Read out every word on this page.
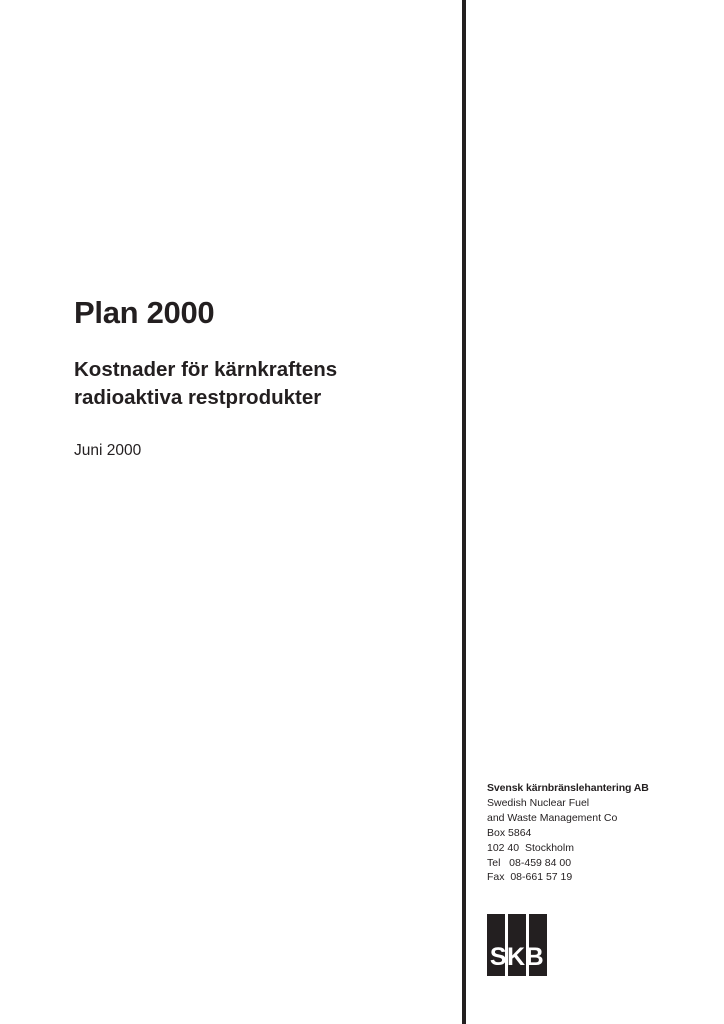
Plan 2000
Kostnader för kärnkraftens
radioaktiva restprodukter

Juni 2000

Svensk kärnbränslehantering AB
Swedish Nuclear Fuel
and Waste Management Co
Box 5864
102 40  Stockholm
Tel   08-459 84 00
Fax  08-661 57 19
SKB
